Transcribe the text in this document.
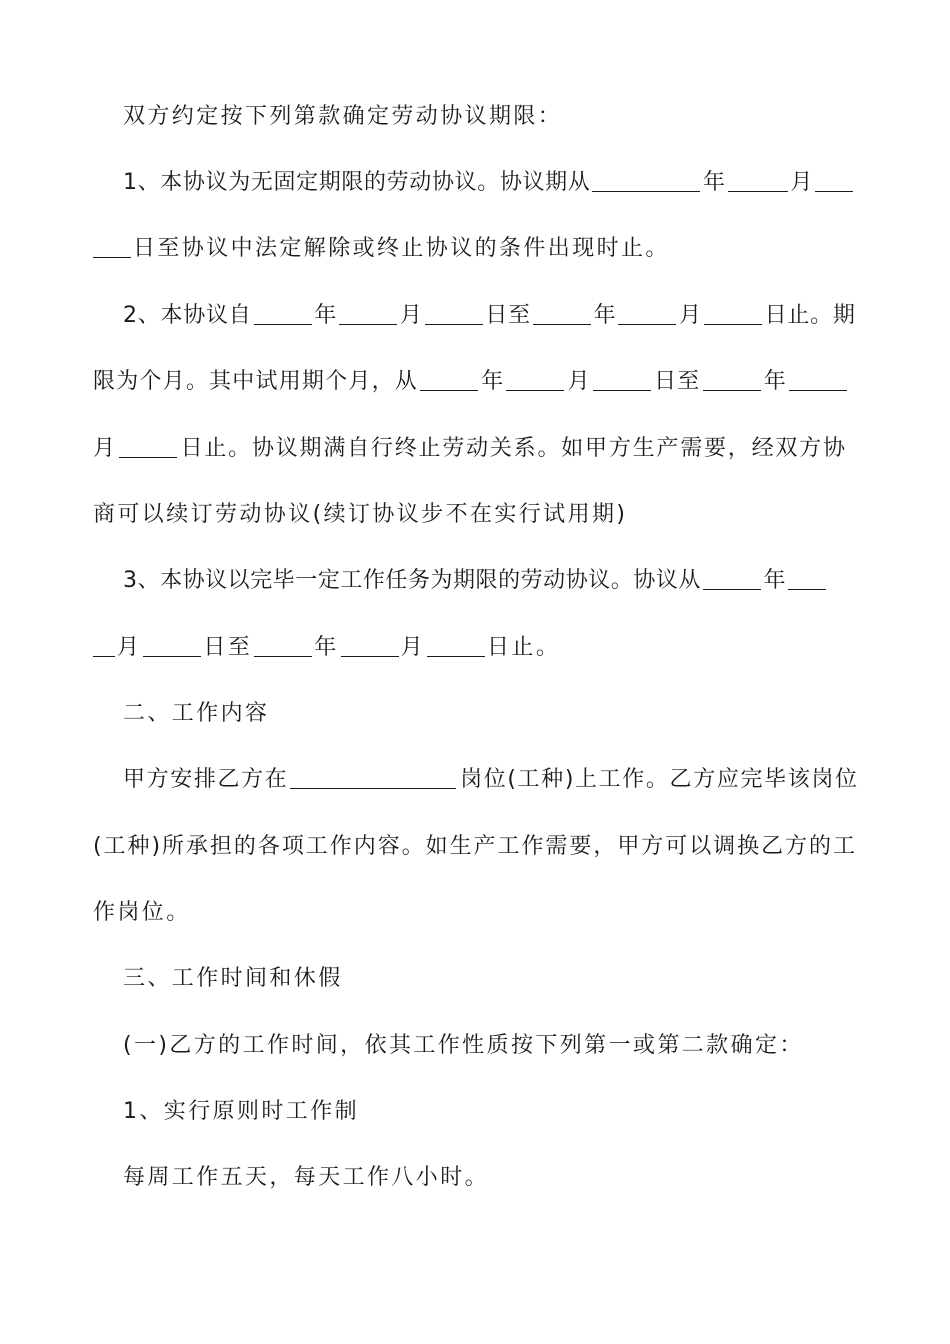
双方约定按下列第款确定劳动协议期限：
1、本协议为无固定期限的劳动协议。协议期从	年	月
日至协议中法定解除或终止协议的条件出现时止。
2、本协议自	年	月	日至	年	月	日止。期
限为个月。其中试用期个月，从	年	月	日至	年
月	日止。协议期满自行终止劳动关系。如甲方生产需要，经双方协
商可以续订劳动协议(续订协议步不在实行试用期)
3、本协议以完毕一定工作任务为期限的劳动协议。协议从	年
月	日至	年	月	日止。
二、工作内容
甲方安排乙方在	岗位(工种)上工作。乙方应完毕该岗位
(工种)所承担的各项工作内容。如生产工作需要，甲方可以调换乙方的工
作岗位。
三、工作时间和休假
(一)乙方的工作时间，依其工作性质按下列第一或第二款确定：
1、实行原则时工作制
每周工作五天，每天工作八小时。
